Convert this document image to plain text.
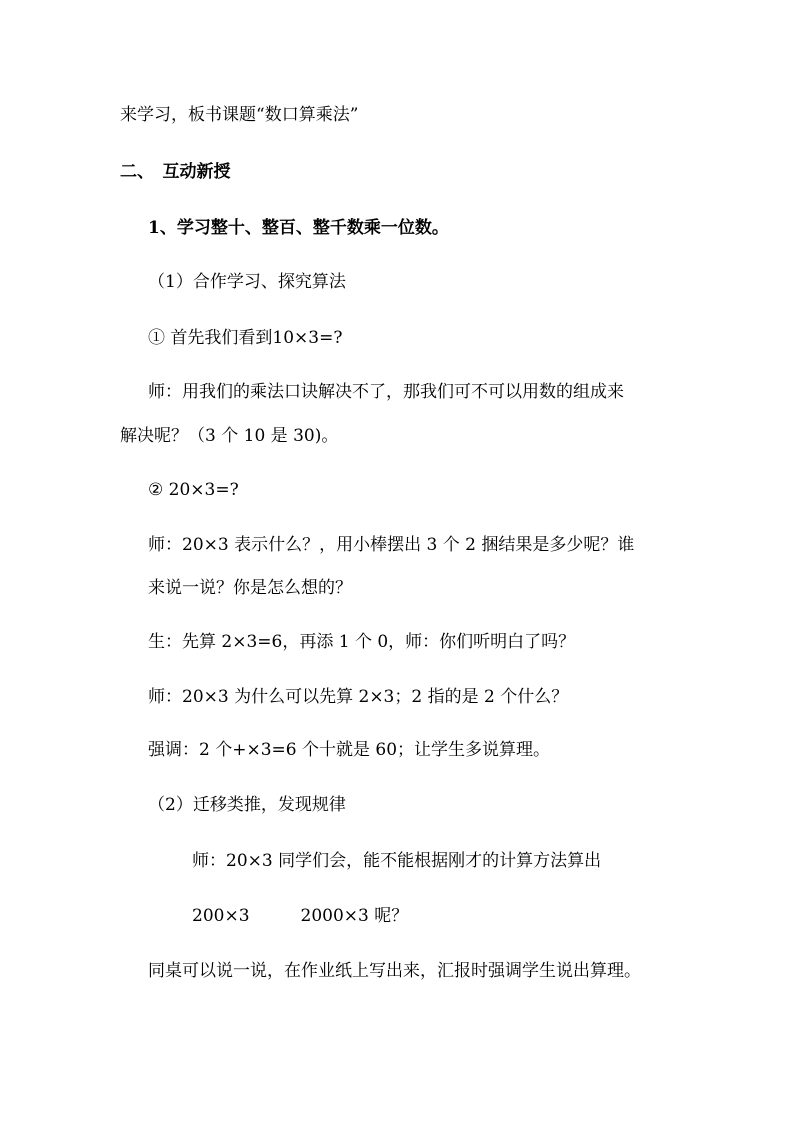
来学习，板书课题“数口算乘法”
二、　互动新授
1、学习整十、整百、整千数乘一位数。
（1）合作学习、探究算法
① 首先我们看到10×3=?
师：用我们的乘法口诀解决不了，那我们可不可以用数的组成来
解决呢？（3 个 10 是 30)。
② 20×3=?
师：20×3 表示什么？，用小棒摆出 3 个 2 捆结果是多少呢？谁
来说一说？你是怎么想的？
生：先算 2×3=6，再添 1 个 0，师：你们听明白了吗？
师：20×3 为什么可以先算 2×3；2 指的是 2 个什么？
强调：2 个+×3=6 个十就是 60；让学生多说算理。
（2）迁移类推，发现规律
师：20×3 同学们会，能不能根据刚才的计算方法算出
200×3　　　2000×3 呢？
同桌可以说一说，在作业纸上写出来，汇报时强调学生说出算理。
